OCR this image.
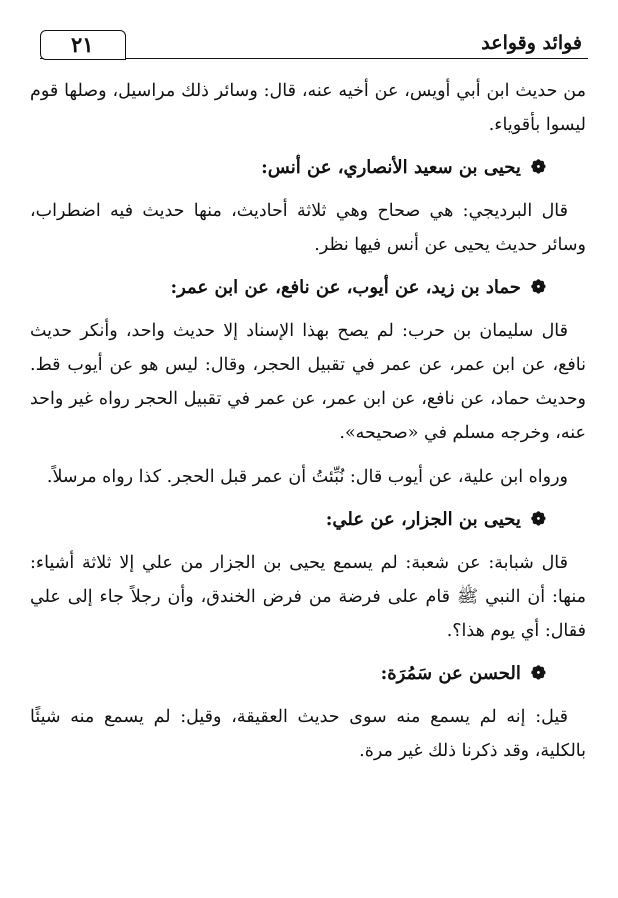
فوائد وقواعد
٢١

من حديث ابن أبي أويس، عن أخيه عنه، قال: وسائر ذلك مراسيل، وصلها قوم ليسوا بأقوياء.

❁يحيى بن سعيد الأنصاري، عن أنس:

قال البرديجي: هي صحاح وهي ثلاثة أحاديث، منها حديث فيه اضطراب، وسائر حديث يحيى عن أنس فيها نظر.

❁حماد بن زيد، عن أيوب، عن نافع، عن ابن عمر:

قال سليمان بن حرب: لم يصح بهذا الإسناد إلا حديث واحد، وأنكر حديث نافع، عن ابن عمر، عن عمر في تقبيل الحجر، وقال: ليس هو عن أيوب قط. وحديث حماد، عن نافع، عن ابن عمر، عن عمر في تقبيل الحجر رواه غير واحد عنه، وخرجه مسلم في «صحيحه».

ورواه ابن علية، عن أيوب قال: نُبِّئتُ أن عمر قبل الحجر. كذا رواه مرسلاً.

❁يحيى بن الجزار، عن علي:

قال شبابة: عن شعبة: لم يسمع يحيى بن الجزار من علي إلا ثلاثة أشياء: منها: أن النبي ﷺ قام على فرضة من فرض الخندق، وأن رجلاً جاء إلى علي فقال: أي يوم هذا؟.

❁الحسن عن سَمُرَة:

قيل: إنه لم يسمع منه سوى حديث العقيقة، وقيل: لم يسمع منه شيئًا بالكلية، وقد ذكرنا ذلك غير مرة.
